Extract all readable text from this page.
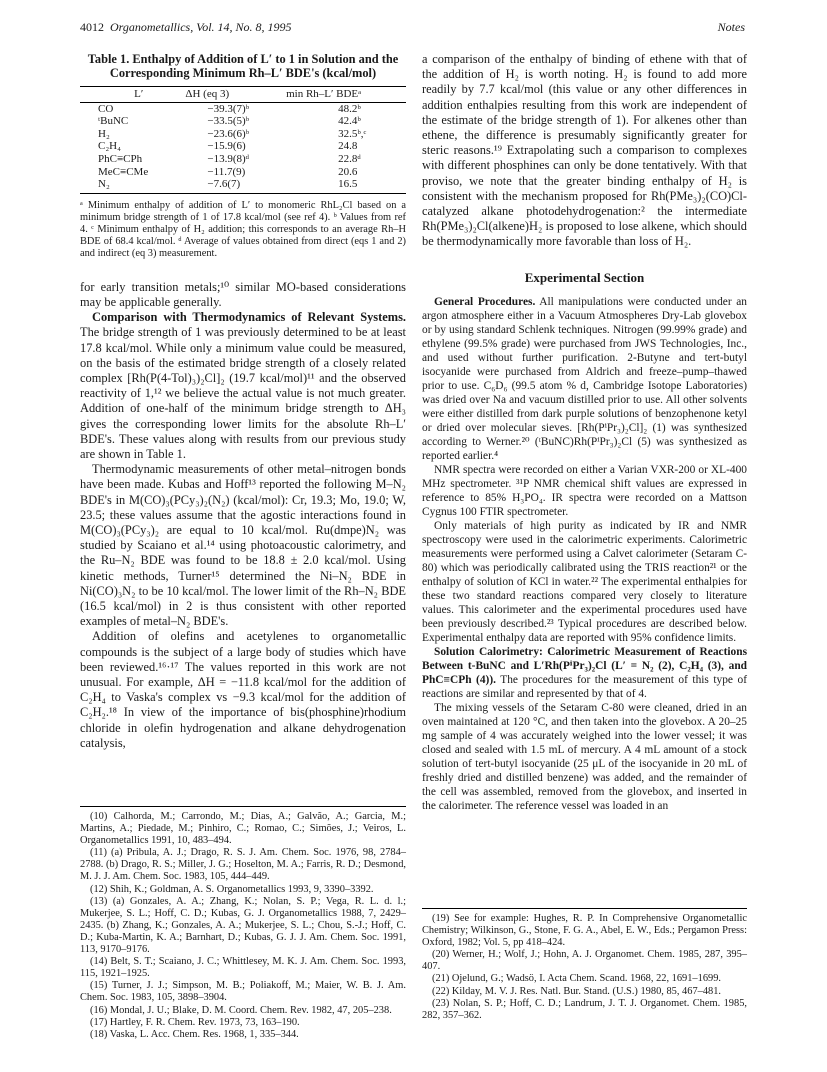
4012 Organometallics, Vol. 14, No. 8, 1995	Notes
Table 1. Enthalpy of Addition of L′ to 1 in Solution and the Corresponding Minimum Rh–L′ BDE's (kcal/mol)
L′	ΔH (eq 3)	min Rh–L′ BDEᵃ
CO	−39.3(7)ᵇ	48.2ᵇ
ᵗBuNC	−33.5(5)ᵇ	42.4ᵇ
H₂	−23.6(6)ᵇ	32.5ᵇ,ᶜ
C₂H₄	−15.9(6)	24.8
PhC≡CPh	−13.9(8)ᵈ	22.8ᵈ
MeC≡CMe	−11.7(9)	20.6
N₂	−7.6(7)	16.5
ᵃ Minimum enthalpy of addition of L′ to monomeric RhL₂Cl based on a minimum bridge strength of 1 of 17.8 kcal/mol (see ref 4). ᵇ Values from ref 4. ᶜ Minimum enthalpy of H₂ addition; this corresponds to an average Rh–H BDE of 68.4 kcal/mol. ᵈ Average of values obtained from direct (eqs 1 and 2) and indirect (eq 3) measurement.

for early transition metals;¹⁰ similar MO-based considerations may be applicable generally.

Comparison with Thermodynamics of Relevant Systems. The bridge strength of 1 was previously determined to be at least 17.8 kcal/mol. While only a minimum value could be measured, on the basis of the estimated bridge strength of a closely related complex [Rh(P(4-Tol)₃)₂Cl]₂ (19.7 kcal/mol)¹¹ and the observed reactivity of 1,¹² we believe the actual value is not much greater. Addition of one-half of the minimum bridge strength to ΔH₃ gives the corresponding lower limits for the absolute Rh–L′ BDE's. These values along with results from our previous study are shown in Table 1.

Thermodynamic measurements of other metal–nitrogen bonds have been made. Kubas and Hoff¹³ reported the following M–N₂ BDE's in M(CO)₃(PCy₃)₂(N₂) (kcal/mol): Cr, 19.3; Mo, 19.0; W, 23.5; these values assume that the agostic interactions found in M(CO)₃(PCy₃)₂ are equal to 10 kcal/mol. Ru(dmpe)N₂ was studied by Scaiano et al.¹⁴ using photoacoustic calorimetry, and the Ru–N₂ BDE was found to be 18.8 ± 2.0 kcal/mol. Using kinetic methods, Turner¹⁵ determined the Ni–N₂ BDE in Ni(CO)₃N₂ to be 10 kcal/mol. The lower limit of the Rh–N₂ BDE (16.5 kcal/mol) in 2 is thus consistent with other reported examples of metal–N₂ BDE's.

Addition of olefins and acetylenes to organometallic compounds is the subject of a large body of studies which have been reviewed.¹⁶·¹⁷ The values reported in this work are not unusual. For example, ΔH = −11.8 kcal/mol for the addition of C₂H₄ to Vaska's complex vs −9.3 kcal/mol for the addition of C₂H₂.¹⁸ In view of the importance of bis(phosphine)rhodium chloride in olefin hydrogenation and alkane dehydrogenation catalysis,

(10) Calhorda, M.; Carrondo, M.; Dias, A.; Galvão, A.; Garcia, M.; Martins, A.; Piedade, M.; Pinhiro, C.; Romao, C.; Simões, J.; Veiros, L. Organometallics 1991, 10, 483–494.

(11) (a) Pribula, A. J.; Drago, R. S. J. Am. Chem. Soc. 1976, 98, 2784–2788. (b) Drago, R. S.; Miller, J. G.; Hoselton, M. A.; Farris, R. D.; Desmond, M. J. J. Am. Chem. Soc. 1983, 105, 444–449.

(12) Shih, K.; Goldman, A. S. Organometallics 1993, 9, 3390–3392.

(13) (a) Gonzales, A. A.; Zhang, K.; Nolan, S. P.; Vega, R. L. d. l.; Mukerjee, S. L.; Hoff, C. D.; Kubas, G. J. Organometallics 1988, 7, 2429–2435. (b) Zhang, K.; Gonzales, A. A.; Mukerjee, S. L.; Chou, S.-J.; Hoff, C. D.; Kuba-Martin, K. A.; Barnhart, D.; Kubas, G. J. J. Am. Chem. Soc. 1991, 113, 9170–9176.

(14) Belt, S. T.; Scaiano, J. C.; Whittlesey, M. K. J. Am. Chem. Soc. 1993, 115, 1921–1925.

(15) Turner, J. J.; Simpson, M. B.; Poliakoff, M.; Maier, W. B. J. Am. Chem. Soc. 1983, 105, 3898–3904.

(16) Mondal, J. U.; Blake, D. M. Coord. Chem. Rev. 1982, 47, 205–238.

(17) Hartley, F. R. Chem. Rev. 1973, 73, 163–190.

(18) Vaska, L. Acc. Chem. Res. 1968, 1, 335–344.

a comparison of the enthalpy of binding of ethene with that of the addition of H₂ is worth noting. H₂ is found to add more readily by 7.7 kcal/mol (this value or any other differences in addition enthalpies resulting from this work are independent of the estimate of the bridge strength of 1). For alkenes other than ethene, the difference is presumably significantly greater for steric reasons.¹⁹ Extrapolating such a comparison to complexes with different phosphines can only be done tentatively. With that proviso, we note that the greater binding enthalpy of H₂ is consistent with the mechanism proposed for Rh(PMe₃)₂(CO)Cl-catalyzed alkane photodehydrogenation:² the intermediate Rh(PMe₃)₂Cl(alkene)H₂ is proposed to lose alkene, which should be thermodynamically more favorable than loss of H₂.

Experimental Section

General Procedures. All manipulations were conducted under an argon atmosphere either in a Vacuum Atmospheres Dry-Lab glovebox or by using standard Schlenk techniques. Nitrogen (99.99% grade) and ethylene (99.5% grade) were purchased from JWS Technologies, Inc., and used without further purification. 2-Butyne and tert-butyl isocyanide were purchased from Aldrich and freeze–pump–thawed prior to use. C₆D₆ (99.5 atom % d, Cambridge Isotope Laboratories) was dried over Na and vacuum distilled prior to use. All other solvents were either distilled from dark purple solutions of benzophenone ketyl or dried over molecular sieves. [Rh(PⁱPr₃)₂Cl]₂ (1) was synthesized according to Werner.²⁰ (ᵗBuNC)Rh(PⁱPr₃)₂Cl (5) was synthesized as reported earlier.⁴

NMR spectra were recorded on either a Varian VXR-200 or XL-400 MHz spectrometer. ³¹P NMR chemical shift values are expressed in reference to 85% H₃PO₄. IR spectra were recorded on a Mattson Cygnus 100 FTIR spectrometer.

Only materials of high purity as indicated by IR and NMR spectroscopy were used in the calorimetric experiments. Calorimetric measurements were performed using a Calvet calorimeter (Setaram C-80) which was periodically calibrated using the TRIS reaction²¹ or the enthalpy of solution of KCl in water.²² The experimental enthalpies for these two standard reactions compared very closely to literature values. This calorimeter and the experimental procedures used have been previously described.²³ Typical procedures are described below. Experimental enthalpy data are reported with 95% confidence limits.

Solution Calorimetry: Calorimetric Measurement of Reactions Between t-BuNC and L′Rh(PⁱPr₃)₂Cl (L′ = N₂ (2), C₂H₄ (3), and PhC≡CPh (4)). The procedures for the measurement of this type of reactions are similar and represented by that of 4.

The mixing vessels of the Setaram C-80 were cleaned, dried in an oven maintained at 120 °C, and then taken into the glovebox. A 20–25 mg sample of 4 was accurately weighed into the lower vessel; it was closed and sealed with 1.5 mL of mercury. A 4 mL amount of a stock solution of tert-butyl isocyanide (25 μL of the isocyanide in 20 mL of freshly dried and distilled benzene) was added, and the remainder of the cell was assembled, removed from the glovebox, and inserted in the calorimeter. The reference vessel was loaded in an

(19) See for example: Hughes, R. P. In Comprehensive Organometallic Chemistry; Wilkinson, G., Stone, F. G. A., Abel, E. W., Eds.; Pergamon Press: Oxford, 1982; Vol. 5, pp 418–424.

(20) Werner, H.; Wolf, J.; Hohn, A. J. Organomet. Chem. 1985, 287, 395–407.

(21) Ojelund, G.; Wadsö, I. Acta Chem. Scand. 1968, 22, 1691–1699.

(22) Kilday, M. V. J. Res. Natl. Bur. Stand. (U.S.) 1980, 85, 467–481.

(23) Nolan, S. P.; Hoff, C. D.; Landrum, J. T. J. Organomet. Chem. 1985, 282, 357–362.
